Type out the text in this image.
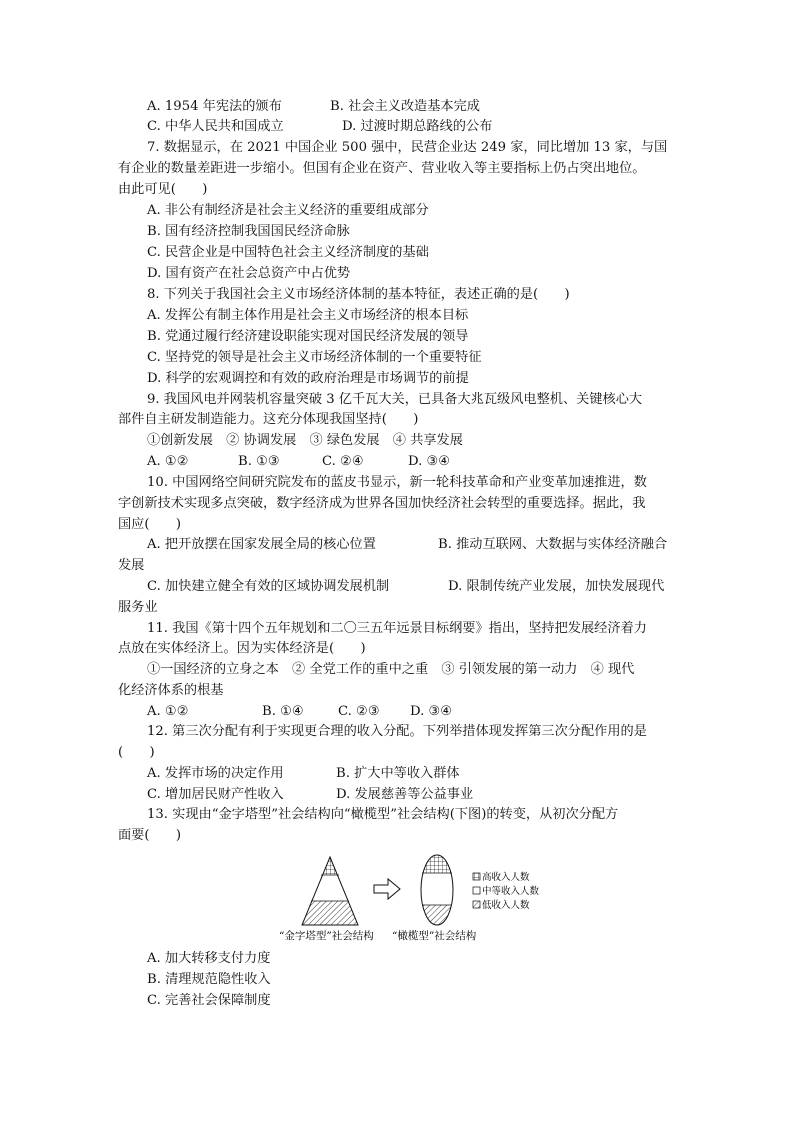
A. 1954 年宪法的颁布	B. 社会主义改造基本完成
C. 中华人民共和国成立	D. 过渡时期总路线的公布
7. 数据显示，在 2021 中国企业 500 强中，民营企业达 249 家，同比增加 13 家，与国
有企业的数量差距进一步缩小。但国有企业在资产、营业收入等主要指标上仍占突出地位。
由此可见(　　)
A. 非公有制经济是社会主义经济的重要组成部分
B. 国有经济控制我国国民经济命脉
C. 民营企业是中国特色社会主义经济制度的基础
D. 国有资产在社会总资产中占优势
8. 下列关于我国社会主义市场经济体制的基本特征，表述正确的是(　　)
A. 发挥公有制主体作用是社会主义市场经济的根本目标
B. 党通过履行经济建设职能实现对国民经济发展的领导
C. 坚持党的领导是社会主义市场经济体制的一个重要特征
D. 科学的宏观调控和有效的政府治理是市场调节的前提
9. 我国风电并网装机容量突破 3 亿千瓦大关，已具备大兆瓦级风电整机、关键核心大
部件自主研发制造能力。这充分体现我国坚持(　　)
①创新发展　② 协调发展　③ 绿色发展　④ 共享发展
A. ①②	B. ①③	C. ②④	D. ③④
10. 中国网络空间研究院发布的蓝皮书显示，新一轮科技革命和产业变革加速推进，数
字创新技术实现多点突破，数字经济成为世界各国加快经济社会转型的重要选择。据此，我
国应(　　)
A. 把开放摆在国家发展全局的核心位置	B. 推动互联网、大数据与实体经济融合
发展
C. 加快建立健全有效的区域协调发展机制	D. 限制传统产业发展，加快发展现代
服务业
11. 我国《第十四个五年规划和二〇三五年远景目标纲要》指出，坚持把发展经济着力
点放在实体经济上。因为实体经济是(　　)
①一国经济的立身之本　② 全党工作的重中之重　③ 引领发展的第一动力　④ 现代
化经济体系的根基
A. ①②	B. ①④	C. ②③ D. ③④
12. 第三次分配有利于实现更合理的收入分配。下列举措体现发挥第三次分配作用的是
(　　)
A. 发挥市场的决定作用	B. 扩大中等收入群体
C. 增加居民财产性收入	D. 发展慈善等公益事业
13. 实现由“金字塔型”社会结构向“橄榄型”社会结构(下图)的转变，从初次分配方
面要(　　)
高收入人数
中等收入人数
低收入人数
“金字塔型”社会结构 “橄榄型”社会结构
A. 加大转移支付力度
B. 清理规范隐性收入
C. 完善社会保障制度
